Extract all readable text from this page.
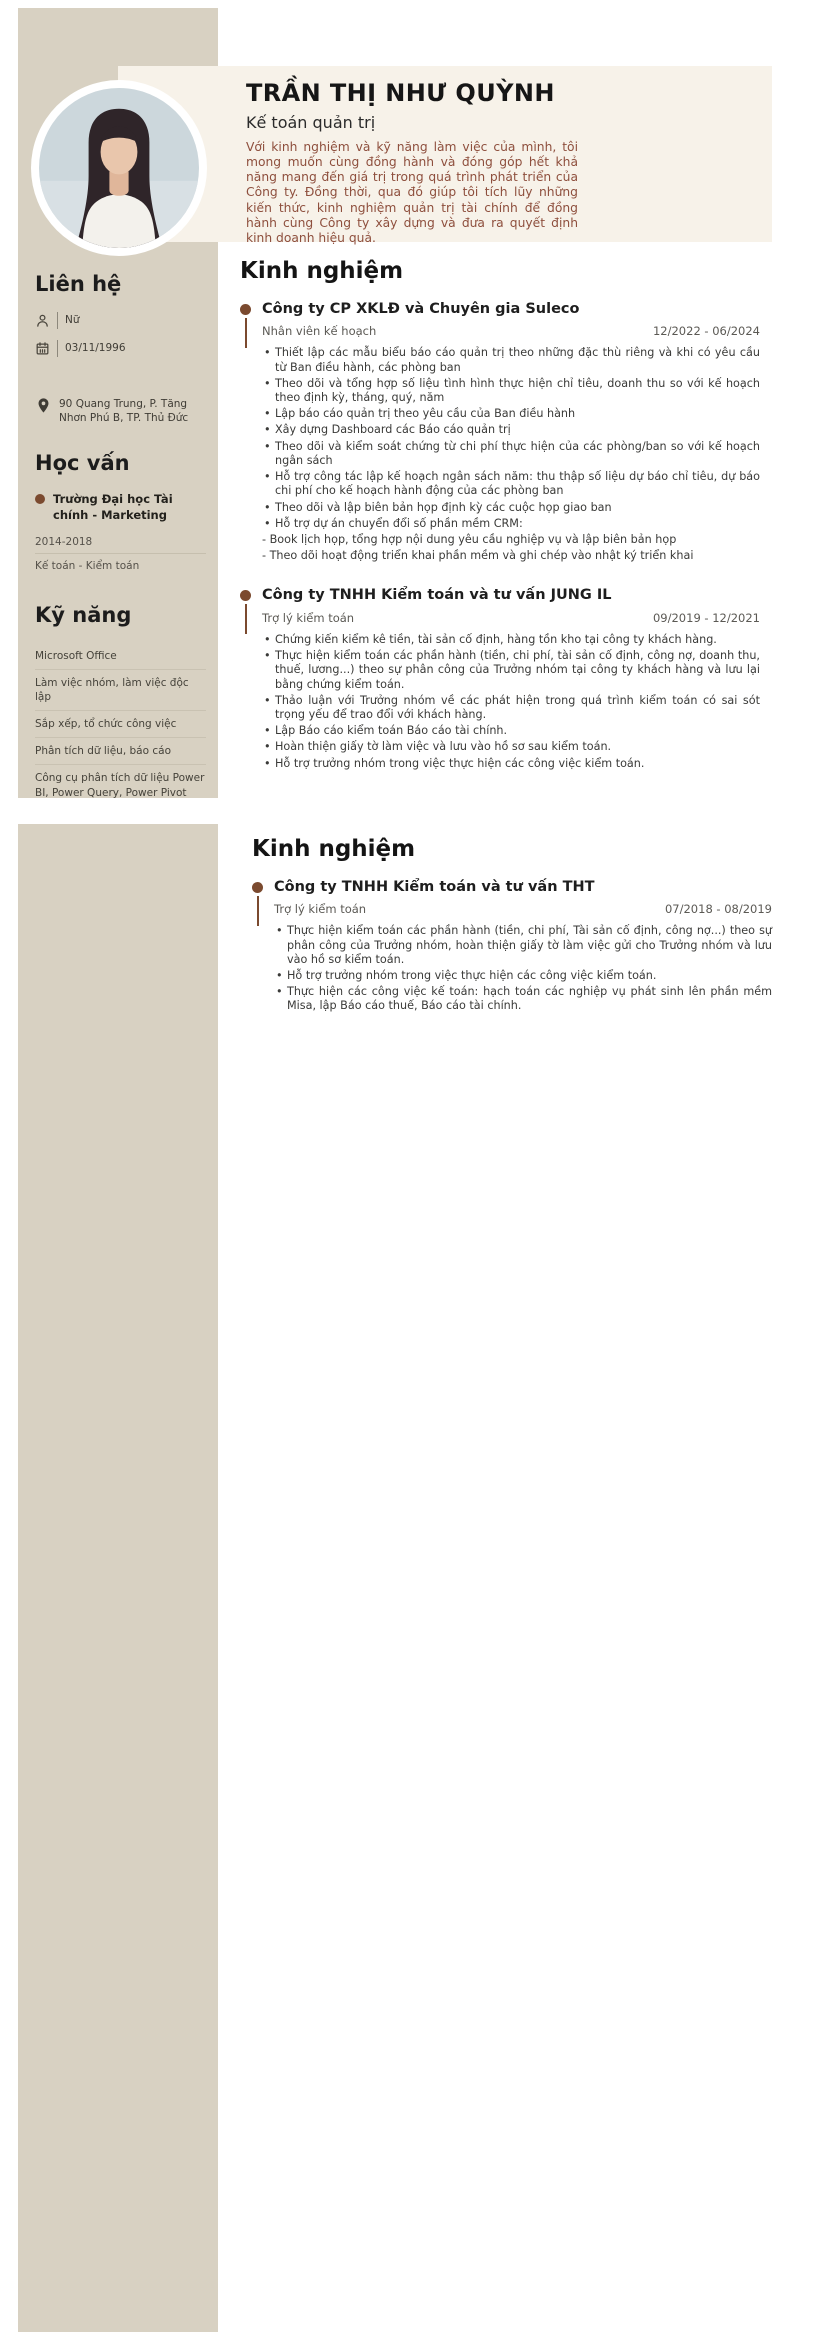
Liên hệ
Nữ
03/11/1996
90 Quang Trung, P. Tăng Nhơn Phú B, TP. Thủ Đức
Học vấn
Trường Đại học Tài chính - Marketing
2014-2018
Kế toán - Kiểm toán
Kỹ năng
Microsoft Office
Làm việc nhóm, làm việc độc lập
Sắp xếp, tổ chức công việc
Phân tích dữ liệu, báo cáo
Công cụ phân tích dữ liệu Power BI, Power Query, Power Pivot
TRẦN THỊ NHƯ QUỲNH
Kế toán quản trị

Với kinh nghiệm và kỹ năng làm việc của mình, tôi mong muốn cùng đồng hành và đóng góp hết khả năng mang đến giá trị trong quá trình phát triển của Công ty. Đồng thời, qua đó giúp tôi tích lũy những kiến thức, kinh nghiệm quản trị tài chính để đồng hành cùng Công ty xây dựng và đưa ra quyết định kinh doanh hiệu quả.

Kinh nghiệm
Công ty CP XKLĐ và Chuyên gia Suleco
Nhân viên kế hoạch	12/2022 - 06/2024
• Thiết lập các mẫu biểu báo cáo quản trị theo những đặc thù riêng và khi có yêu cầu từ Ban điều hành, các phòng ban
• Theo dõi và tổng hợp số liệu tình hình thực hiện chỉ tiêu, doanh thu so với kế hoạch theo định kỳ, tháng, quý, năm
• Lập báo cáo quản trị theo yêu cầu của Ban điều hành
• Xây dựng Dashboard các Báo cáo quản trị
• Theo dõi và kiểm soát chứng từ chi phí thực hiện của các phòng/ban so với kế hoạch ngân sách
• Hỗ trợ công tác lập kế hoạch ngân sách năm: thu thập số liệu dự báo chỉ tiêu, dự báo chi phí cho kế hoạch hành động của các phòng ban
• Theo dõi và lập biên bản họp định kỳ các cuộc họp giao ban
• Hỗ trợ dự án chuyển đổi số phần mềm CRM:
- Book lịch họp, tổng hợp nội dung yêu cầu nghiệp vụ và lập biên bản họp
- Theo dõi hoạt động triển khai phần mềm và ghi chép vào nhật ký triển khai
Công ty TNHH Kiểm toán và tư vấn JUNG IL
Trợ lý kiểm toán	09/2019 - 12/2021
• Chứng kiến kiểm kê tiền, tài sản cố định, hàng tồn kho tại công ty khách hàng.
• Thực hiện kiểm toán các phần hành (tiền, chi phí, tài sản cố định, công nợ, doanh thu, thuế, lương...) theo sự phân công của Trưởng nhóm tại công ty khách hàng và lưu lại bằng chứng kiểm toán.
• Thảo luận với Trưởng nhóm về các phát hiện trong quá trình kiểm toán có sai sót trọng yếu để trao đổi với khách hàng.
• Lập Báo cáo kiểm toán Báo cáo tài chính.
• Hoàn thiện giấy tờ làm việc và lưu vào hồ sơ sau kiểm toán.
• Hỗ trợ trưởng nhóm trong việc thực hiện các công việc kiểm toán.
Kinh nghiệm
Công ty TNHH Kiểm toán và tư vấn THT
Trợ lý kiểm toán	07/2018 - 08/2019
• Thực hiện kiểm toán các phần hành (tiền, chi phí, Tài sản cố định, công nợ...) theo sự phân công của Trưởng nhóm, hoàn thiện giấy tờ làm việc gửi cho Trưởng nhóm và lưu vào hồ sơ kiểm toán.
• Hỗ trợ trưởng nhóm trong việc thực hiện các công việc kiểm toán.
• Thực hiện các công việc kế toán: hạch toán các nghiệp vụ phát sinh lên phần mềm Misa, lập Báo cáo thuế, Báo cáo tài chính.
